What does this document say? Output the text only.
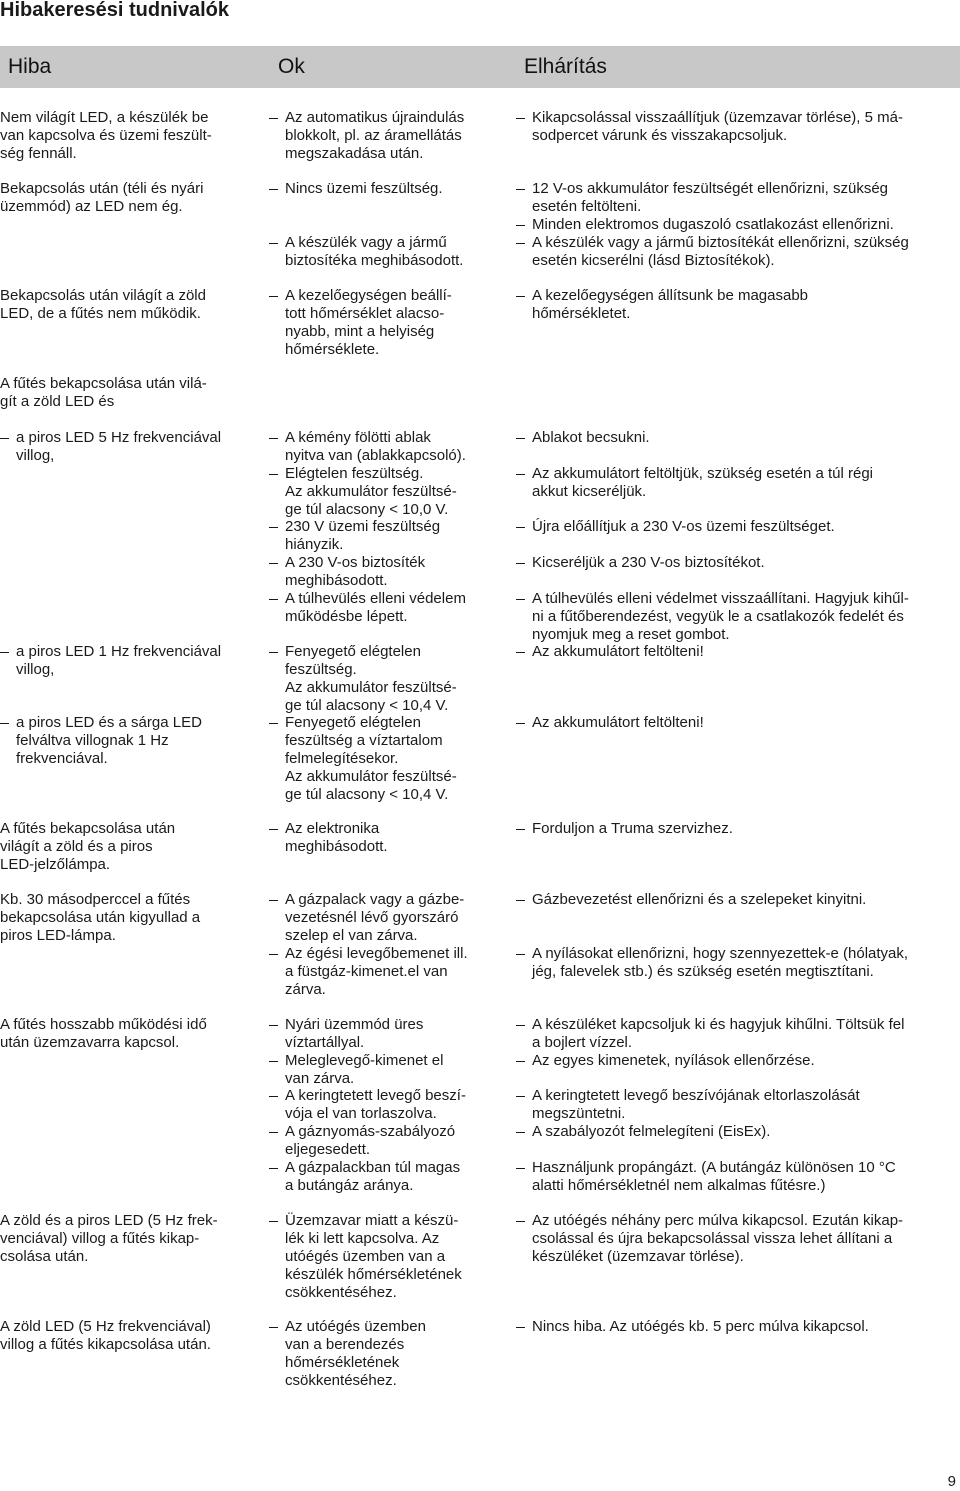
Hibakeresési tudnivalók
Hiba	Ok	Elhárítás
Nem világít LED, a készülék be
van kapcsolva és üzemi feszült-
ség fennáll.
Az automatikus újraindulás
blokkolt, pl. az áramellátás
megszakadása után.
Kikapcsolással visszaállítjuk (üzemzavar törlése), 5 má-
sodpercet várunk és visszakapcsoljuk.
Bekapcsolás után (téli és nyári
üzemmód) az LED nem ég.
Nincs üzemi feszültség.
A készülék vagy a jármű
biztosítéka meghibásodott.
12 V-os akkumulátor feszültségét ellenőrizni, szükség
esetén feltölteni.
Minden elektromos dugaszoló csatlakozást ellenőrizni.
A készülék vagy a jármű biztosítékát ellenőrizni, szükség
esetén kicserélni (lásd Biztosítékok).
Bekapcsolás után világít a zöld
LED, de a fűtés nem működik.
A kezelőegységen beállí-
tott hőmérséklet alacso-
nyabb, mint a helyiség
hőmérséklete.
A kezelőegységen állítsunk be magasabb
hőmérsékletet.
A fűtés bekapcsolása után vilá-
gít a zöld LED és
a piros LED 5 Hz frekvenciával
villog,
A kémény fölötti ablak
nyitva van (ablakkapcsoló).
Elégtelen feszültség.
Az akkumulátor feszültsé-
ge túl alacsony < 10,0 V.
230 V üzemi feszültség
hiányzik.
A 230 V-os biztosíték
meghibásodott.
A túlhevülés elleni védelem
működésbe lépett.
Ablakot becsukni.
Az akkumulátort feltöltjük, szükség esetén a túl régi
akkut kicseréljük.
Újra előállítjuk a 230 V-os üzemi feszültséget.
Kicseréljük a 230 V-os biztosítékot.
A túlhevülés elleni védelmet visszaállítani. Hagyjuk kihűl-
ni a fűtőberendezést, vegyük le a csatlakozók fedelét és
nyomjuk meg a reset gombot.
a piros LED 1 Hz frekvenciával
villog,
Fenyegető elégtelen
feszültség.
Az akkumulátor feszültsé-
ge túl alacsony < 10,4 V.
Az akkumulátort feltölteni!
a piros LED és a sárga LED
felváltva villognak 1 Hz
frekvenciával.
Fenyegető elégtelen
feszültség a víztartalom
felmelegítésekor.
Az akkumulátor feszültsé-
ge túl alacsony < 10,4 V.
Az akkumulátort feltölteni!
A fűtés bekapcsolása után
világít a zöld és a piros
LED-jelzőlámpa.
Az elektronika
meghibásodott.
Forduljon a Truma szervizhez.
Kb. 30 másodperccel a fűtés
bekapcsolása után kigyullad a
piros LED-lámpa.
A gázpalack vagy a gázbe-
vezetésnél lévő gyorszáró
szelep el van zárva.
Az égési levegőbemenet ill.
a füstgáz-kimenet.el van
zárva.
Gázbevezetést ellenőrizni és a szelepeket kinyitni.
A nyílásokat ellenőrizni, hogy szennyezettek-e (hólatyak,
jég, falevelek stb.) és szükség esetén megtisztítani.
A fűtés hosszabb működési idő
után üzemzavarra kapcsol.
Nyári üzemmód üres
víztartállyal.
Meleglevegő-kimenet el
van zárva.
A keringtetett levegő beszí-
vója el van torlaszolva.
A gáznyomás-szabályozó
eljegesedett.
A gázpalackban túl magas
a butángáz aránya.
A készüléket kapcsoljuk ki és hagyjuk kihűlni. Töltsük fel
a bojlert vízzel.
Az egyes kimenetek, nyílások ellenőrzése.
A keringtetett levegő beszívójának eltorlaszolását
megszüntetni.
A szabályozót felmelegíteni (EisEx).
Használjunk propángázt. (A butángáz különösen 10 °C
alatti hőmérsékletnél nem alkalmas fűtésre.)
A zöld és a piros LED (5 Hz frek-
venciával) villog a fűtés kikap-
csolása után.
Üzemzavar miatt a készü-
lék ki lett kapcsolva. Az
utóégés üzemben van a
készülék hőmérsékletének
csökkentéséhez.
Az utóégés néhány perc múlva kikapcsol. Ezután kikap-
csolással és újra bekapcsolással vissza lehet állítani a
készüléket (üzemzavar törlése).
A zöld LED (5 Hz frekvenciával)
villog a fűtés kikapcsolása után.
Az utóégés üzemben
van a berendezés
hőmérsékletének
csökkentéséhez.
Nincs hiba. Az utóégés kb. 5 perc múlva kikapcsol.
9
